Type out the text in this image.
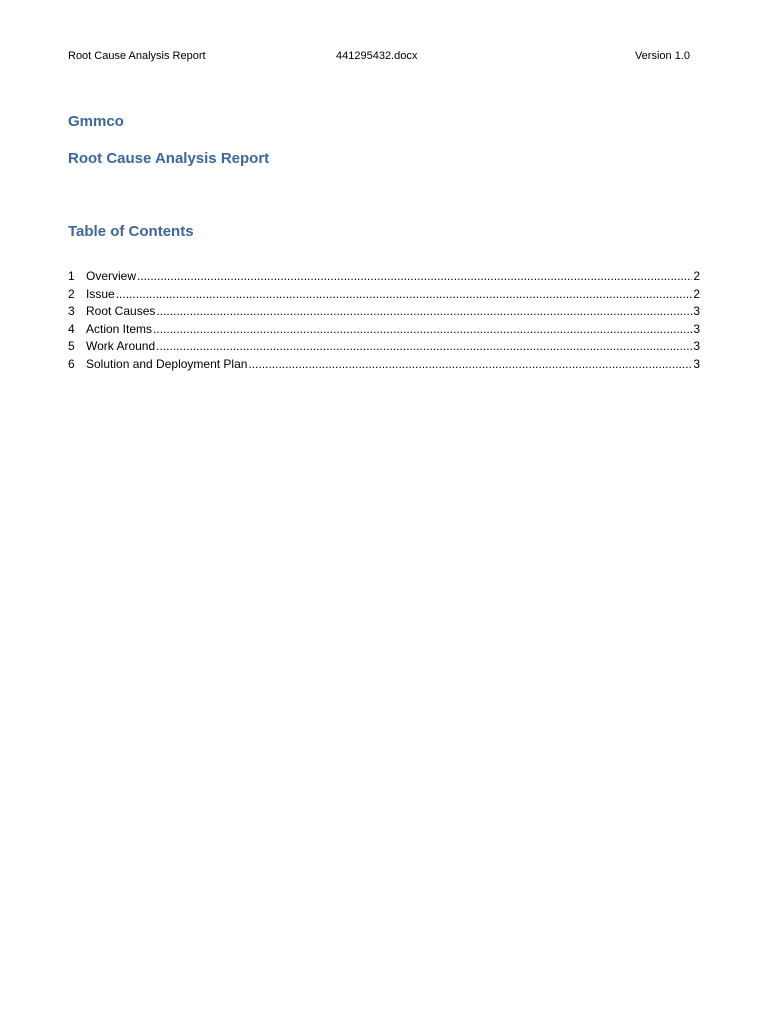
Root Cause Analysis Report	441295432.docx	Version 1.0
Gmmco
Root Cause Analysis Report
Table of Contents
1 Overview .....	2
2 Issue .....	2
3 Root Causes .....	3
4 Action Items .....	3
5 Work Around .....	3
6 Solution and Deployment Plan .....	3
